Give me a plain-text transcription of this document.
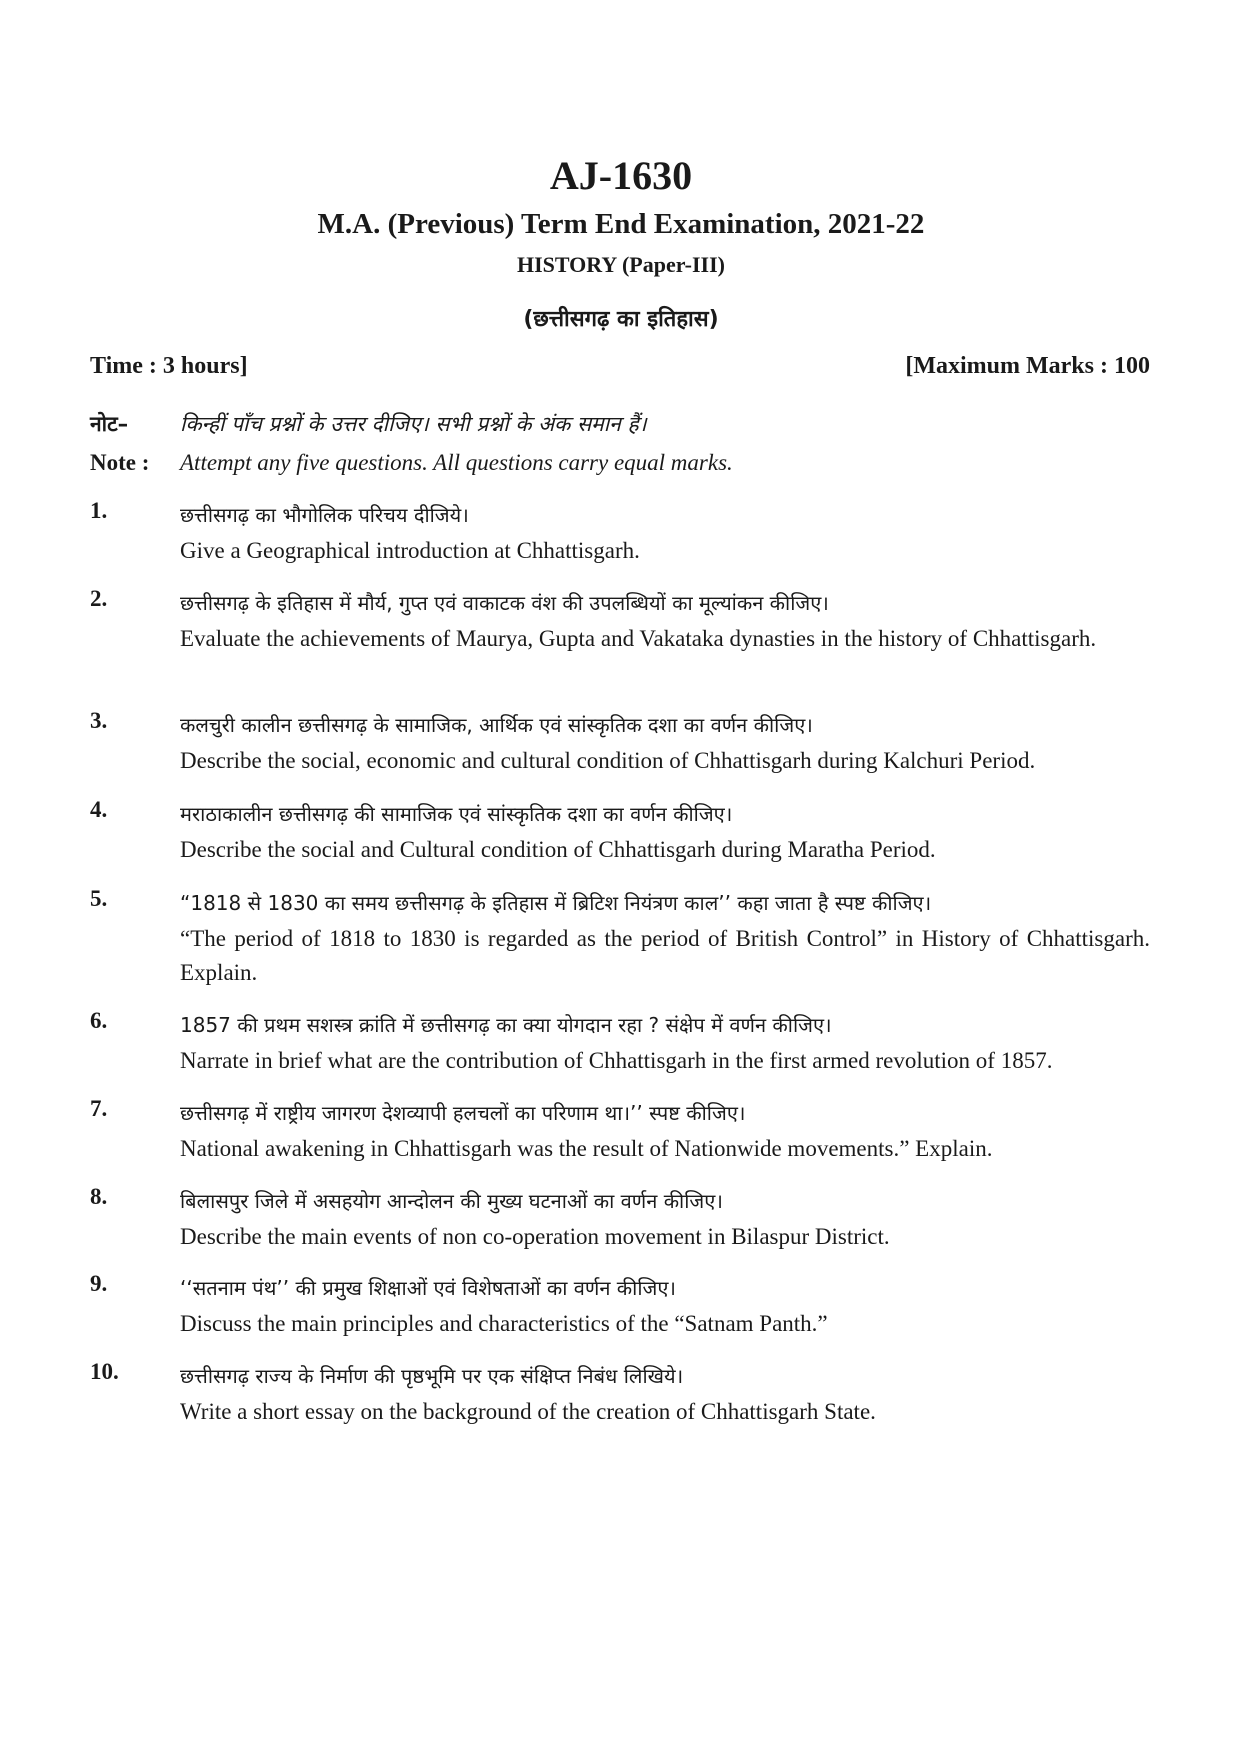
AJ-1630
M.A. (Previous) Term End Examination, 2021-22
HISTORY (Paper-III)
(छत्तीसगढ़ का इतिहास)
Time : 3 hours]	[Maximum Marks : 100
नोट– किन्हीं पाँच प्रश्नों के उत्तर दीजिए। सभी प्रश्नों के अंक समान हैं।
Note : Attempt any five questions. All questions carry equal marks.
1.	छत्तीसगढ़ का भौगोलिक परिचय दीजिये।
Give a Geographical introduction at Chhattisgarh.
2.	छत्तीसगढ़ के इतिहास में मौर्य, गुप्त एवं वाकाटक वंश की उपलब्धियों का मूल्यांकन कीजिए।
Evaluate the achievements of Maurya, Gupta and Vakataka dynasties in the history of Chhattisgarh.
3.	कलचुरी कालीन छत्तीसगढ़ के सामाजिक, आर्थिक एवं सांस्कृतिक दशा का वर्णन कीजिए।
Describe the social, economic and cultural condition of Chhattisgarh during Kalchuri Period.
4.	मराठाकालीन छत्तीसगढ़ की सामाजिक एवं सांस्कृतिक दशा का वर्णन कीजिए।
Describe the social and Cultural condition of Chhattisgarh during Maratha Period.
5.	“1818 से 1830 का समय छत्तीसगढ़ के इतिहास में ब्रिटिश नियंत्रण काल’’ कहा जाता है स्पष्ट कीजिए।
“The period of 1818 to 1830 is regarded as the period of British Control” in History of Chhattisgarh. Explain.
6.	1857 की प्रथम सशस्त्र क्रांति में छत्तीसगढ़ का क्या योगदान रहा ? संक्षेप में वर्णन कीजिए।
Narrate in brief what are the contribution of Chhattisgarh in the first armed revolution of 1857.
7.	छत्तीसगढ़ में राष्ट्रीय जागरण देशव्यापी हलचलों का परिणाम था।’’ स्पष्ट कीजिए।
National awakening in Chhattisgarh was the result of Nationwide movements.” Explain.
8.	बिलासपुर जिले में असहयोग आन्दोलन की मुख्य घटनाओं का वर्णन कीजिए।
Describe the main events of non co-operation movement in Bilaspur District.
9.	‘‘सतनाम पंथ’’ की प्रमुख शिक्षाओं एवं विशेषताओं का वर्णन कीजिए।
Discuss the main principles and characteristics of the “Satnam Panth.”
10.	छत्तीसगढ़ राज्य के निर्माण की पृष्ठभूमि पर एक संक्षिप्त निबंध लिखिये।
Write a short essay on the background of the creation of Chhattisgarh State.
